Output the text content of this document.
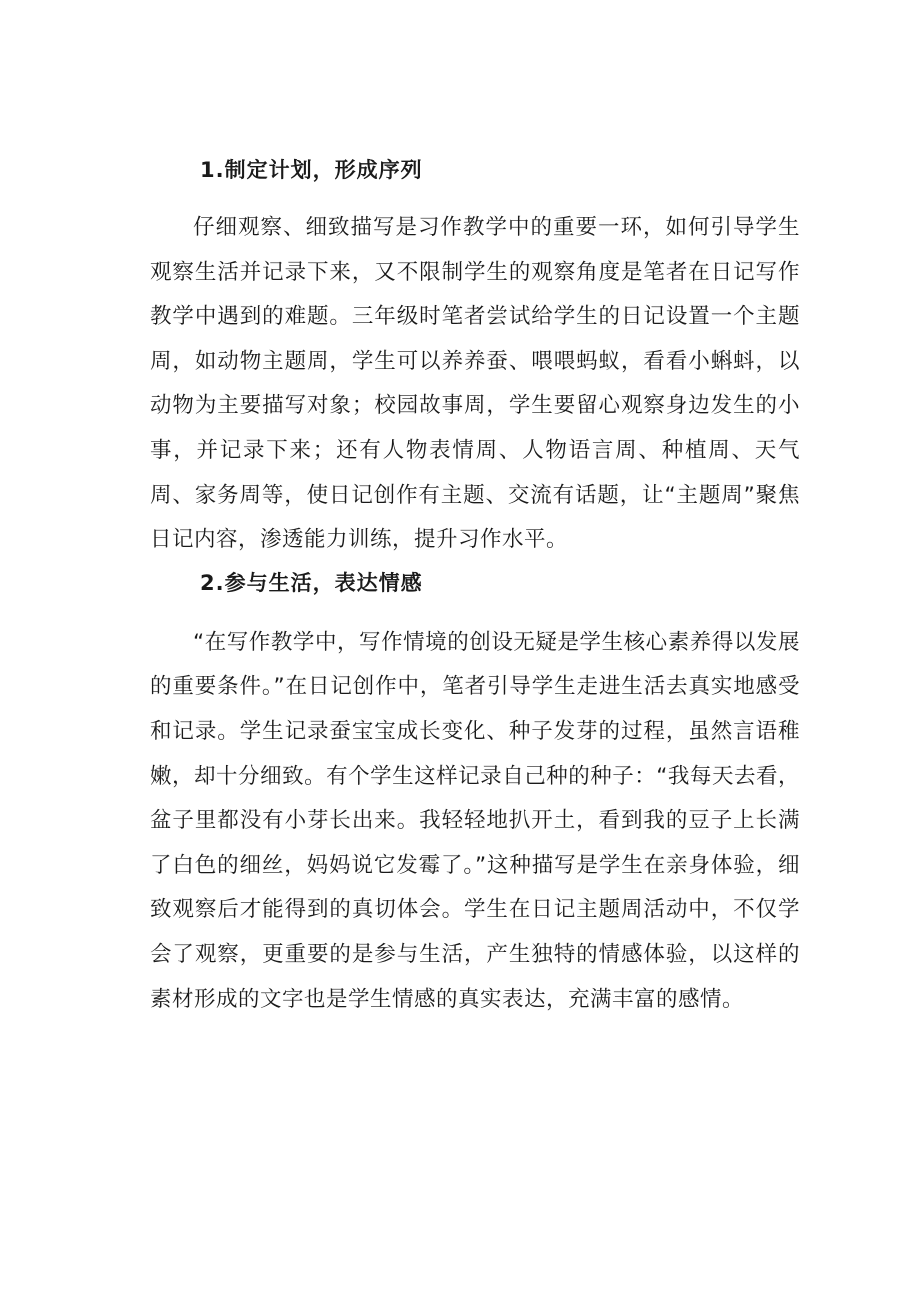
1.制定计划，形成序列

仔细观察、细致描写是习作教学中的重要一环，如何引导学生观察生活并记录下来，又不限制学生的观察角度是笔者在日记写作教学中遇到的难题。三年级时笔者尝试给学生的日记设置一个主题周，如动物主题周，学生可以养养蚕、喂喂蚂蚁，看看小蝌蚪，以动物为主要描写对象；校园故事周，学生要留心观察身边发生的小事，并记录下来；还有人物表情周、人物语言周、种植周、天气周、家务周等，使日记创作有主题、交流有话题，让“主题周”聚焦日记内容，渗透能力训练，提升习作水平。

2.参与生活，表达情感

“在写作教学中，写作情境的创设无疑是学生核心素养得以发展的重要条件。”在日记创作中，笔者引导学生走进生活去真实地感受和记录。学生记录蚕宝宝成长变化、种子发芽的过程，虽然言语稚嫩，却十分细致。有个学生这样记录自己种的种子：“我每天去看，盆子里都没有小芽长出来。我轻轻地扒开土，看到我的豆子上长满了白色的细丝，妈妈说它发霉了。”这种描写是学生在亲身体验，细致观察后才能得到的真切体会。学生在日记主题周活动中，不仅学会了观察，更重要的是参与生活，产生独特的情感体验，以这样的素材形成的文字也是学生情感的真实表达，充满丰富的感情。
